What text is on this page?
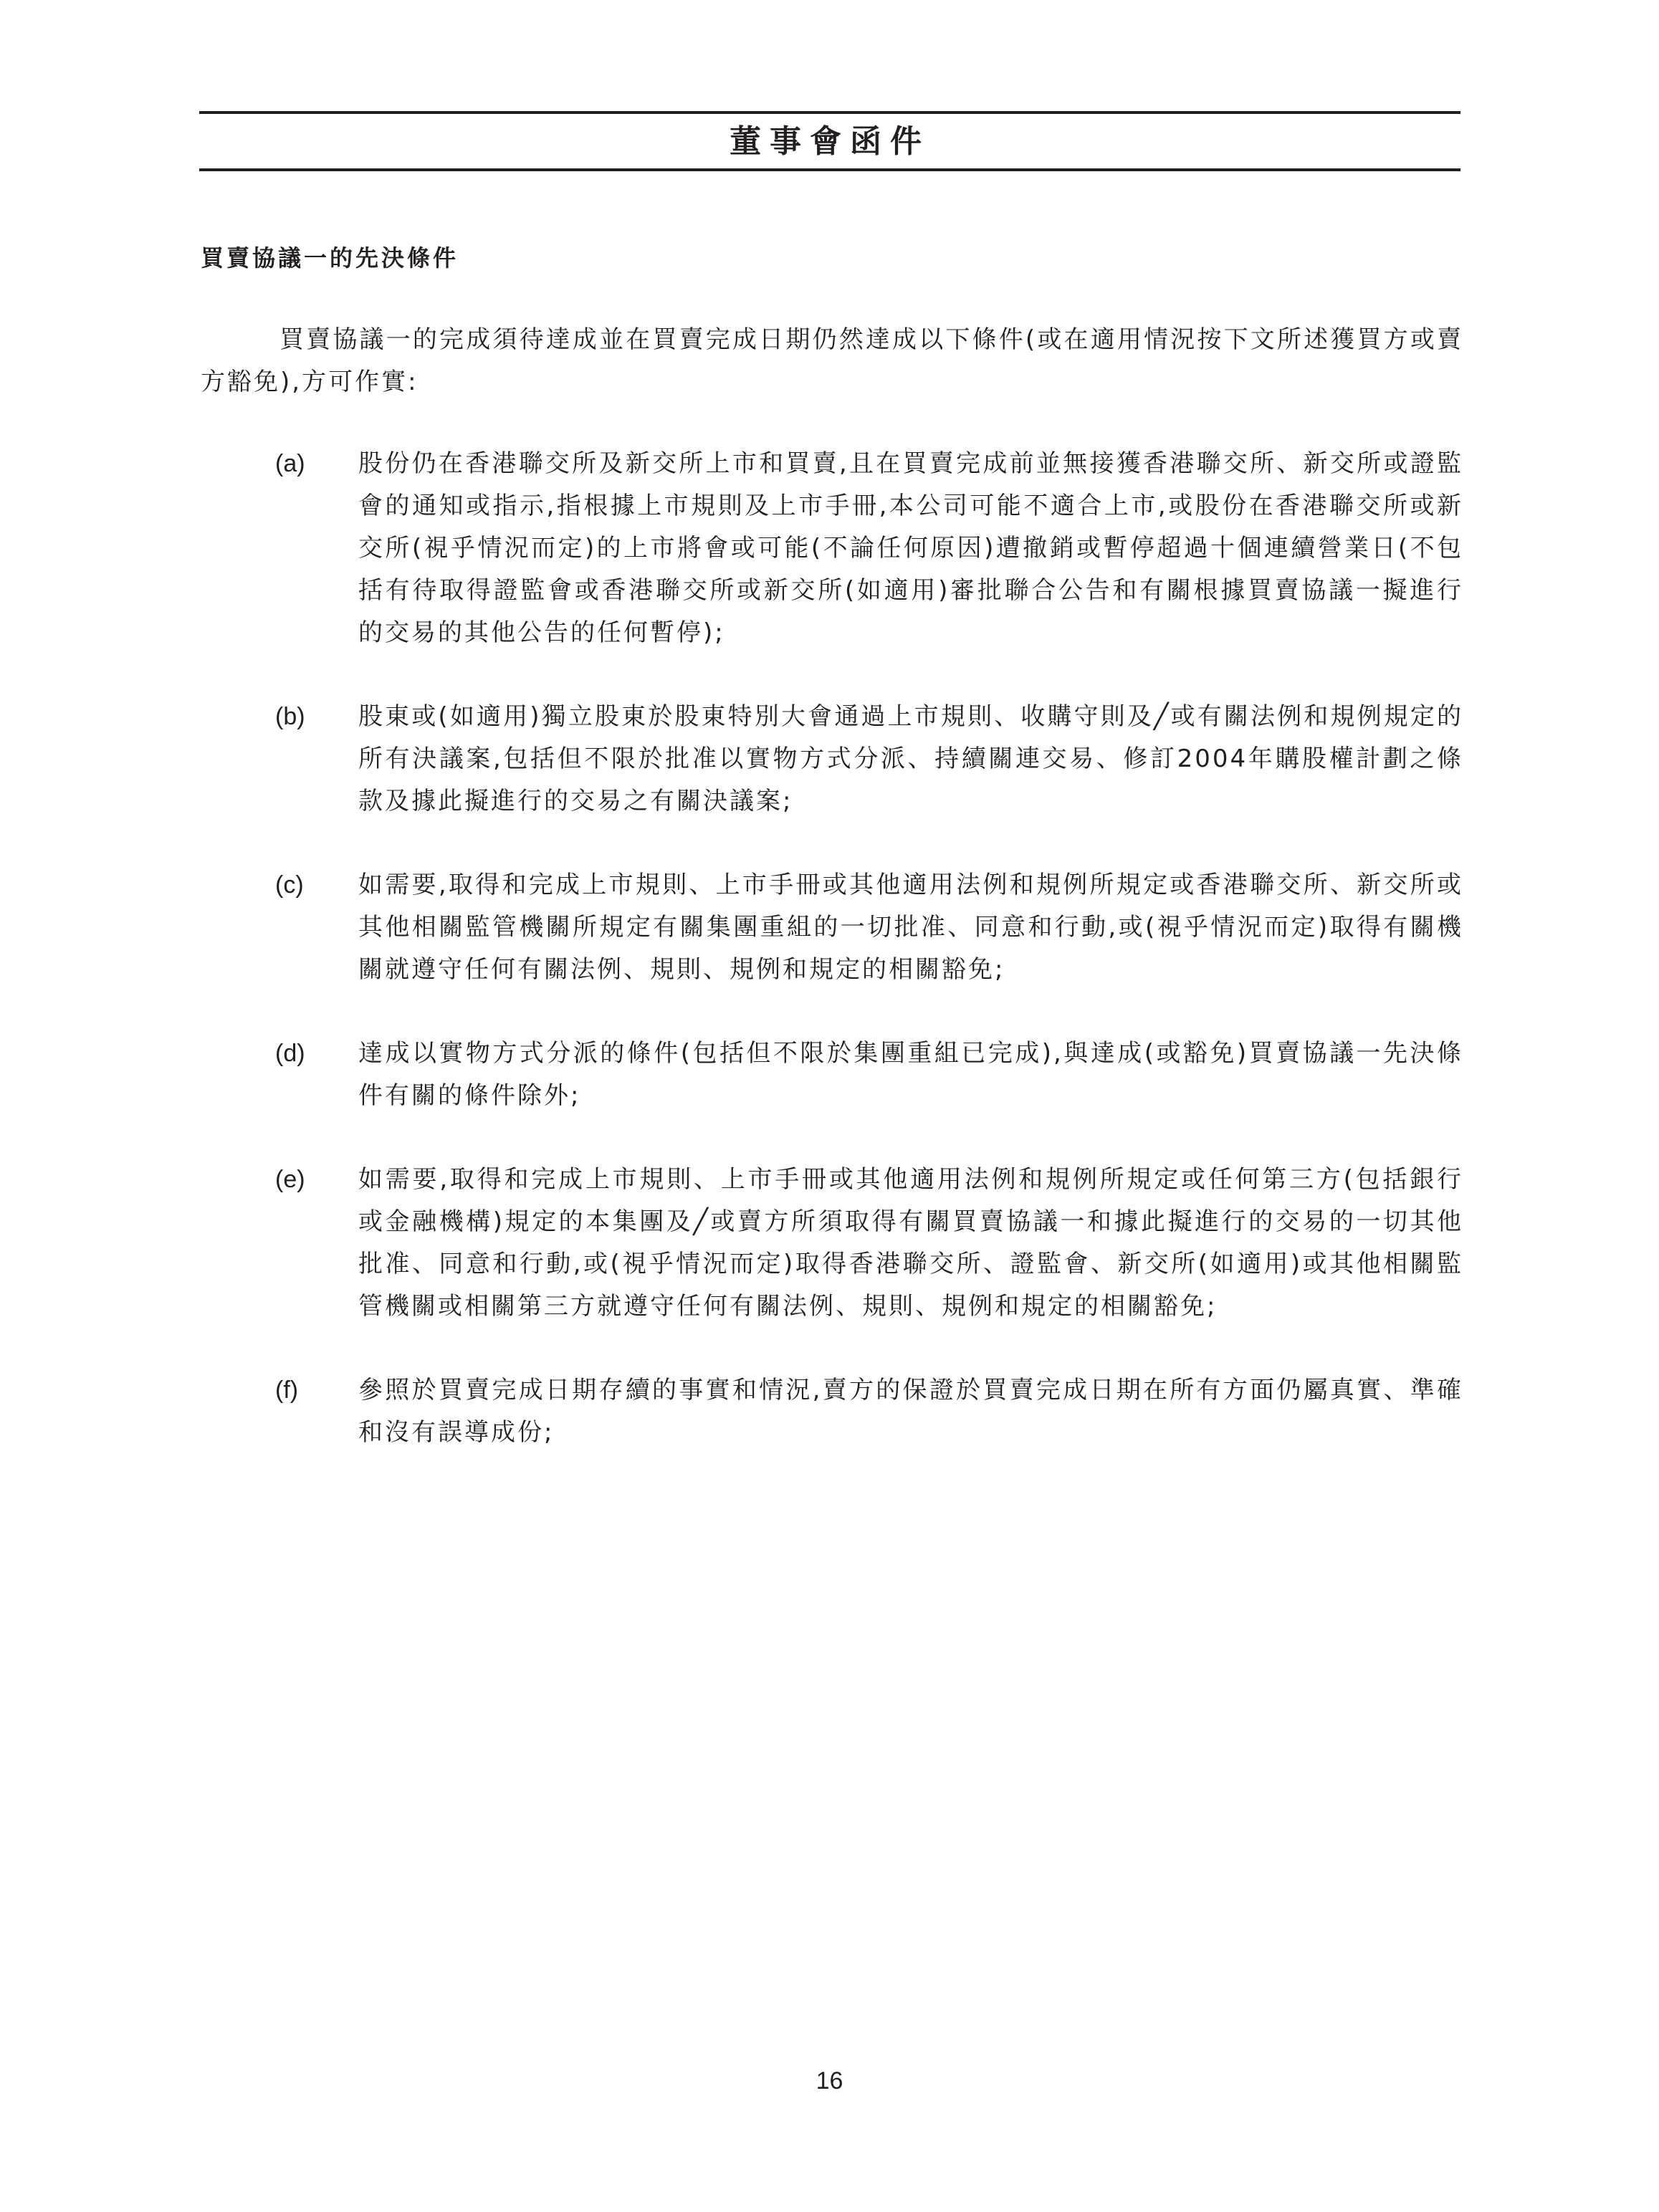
董事會函件
買賣協議一的先決條件

買賣協議一的完成須待達成並在買賣完成日期仍然達成以下條件(或在適用情況按下文所述獲買方或賣方豁免),方可作實:

(a) 股份仍在香港聯交所及新交所上市和買賣,且在買賣完成前並無接獲香港聯交所、新交所或證監會的通知或指示,指根據上市規則及上市手冊,本公司可能不適合上市,或股份在香港聯交所或新交所(視乎情況而定)的上市將會或可能(不論任何原因)遭撤銷或暫停超過十個連續營業日(不包括有待取得證監會或香港聯交所或新交所(如適用)審批聯合公告和有關根據買賣協議一擬進行的交易的其他公告的任何暫停);
(b) 股東或(如適用)獨立股東於股東特別大會通過上市規則、收購守則及╱或有關法例和規例規定的所有決議案,包括但不限於批准以實物方式分派、持續關連交易、修訂2004年購股權計劃之條款及據此擬進行的交易之有關決議案;
(c) 如需要,取得和完成上市規則、上市手冊或其他適用法例和規例所規定或香港聯交所、新交所或其他相關監管機關所規定有關集團重組的一切批准、同意和行動,或(視乎情況而定)取得有關機關就遵守任何有關法例、規則、規例和規定的相關豁免;
(d) 達成以實物方式分派的條件(包括但不限於集團重組已完成),與達成(或豁免)買賣協議一先決條件有關的條件除外;
(e) 如需要,取得和完成上市規則、上市手冊或其他適用法例和規例所規定或任何第三方(包括銀行或金融機構)規定的本集團及╱或賣方所須取得有關買賣協議一和據此擬進行的交易的一切其他批准、同意和行動,或(視乎情況而定)取得香港聯交所、證監會、新交所(如適用)或其他相關監管機關或相關第三方就遵守任何有關法例、規則、規例和規定的相關豁免;
(f) 參照於買賣完成日期存續的事實和情況,賣方的保證於買賣完成日期在所有方面仍屬真實、準確和沒有誤導成份;
16
